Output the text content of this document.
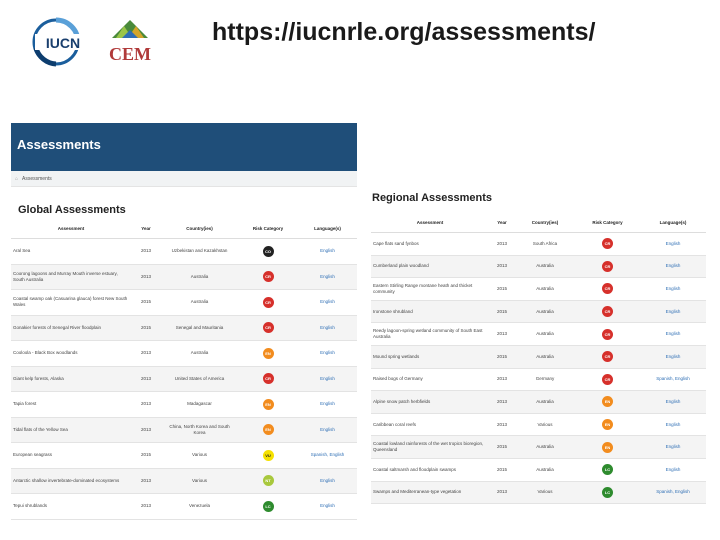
IUCN
CEM
https://iucnrle.org/assessments/
Assessments
⌂ Assessments
Global Assessments
Assessment	Year	Country(ies)	Risk Category	Language(s)
Aral Sea	2013	Uzbekistan and Kazakhstan	CO	English
Coorong lagoons and Murray Mouth inverse estuary, South Australia	2013	Australia	CR	English
Coastal swamp oak (Casuarina glauca) forest New South Wales	2015	Australia	CR	English
Gonakier forests of Senegal River floodplain	2015	Senegal and Mauritania	CR	English
Cooloola - Black Box woodlands	2013	Australia	EN	English
Giant kelp forests, Alaska	2013	United States of America	CR	English
Tapia forest	2013	Madagascar	EN	English
Tidal flats of the Yellow Sea	2013	China, North Korea and South Korea	EN	English
European seagrass	2015	Various	VU	Spanish, English
Antarctic shallow invertebrate-dominated ecosystems	2013	Various	NT	English
Tepui shrublands	2013	Venezuela	LC	English
Regional Assessments
Assessment	Year	Country(ies)	Risk Category	Language(s)
Cape flats sand fynbos	2013	South Africa	CR	English
Cumberland plain woodland	2013	Australia	CR	English
Eastern Stirling Range montane heath and thicket community	2015	Australia	CR	English
Ironstone shrubland	2015	Australia	CR	English
Reedy lagoon-spring wetland community of South East Australia	2013	Australia	CR	English
Mound spring wetlands	2015	Australia	CR	English
Raised bogs of Germany	2013	Germany	CR	Spanish, English
Alpine snow patch herbfields	2013	Australia	EN	English
Caribbean coral reefs	2013	Various	EN	English
Coastal lowland rainforests of the wet tropics bioregion, Queensland	2015	Australia	EN	English
Coastal saltmarsh and floodplain swamps	2015	Australia	LC	English
Swamps and Mediterranean-type vegetation	2013	Various	LC	Spanish, English
